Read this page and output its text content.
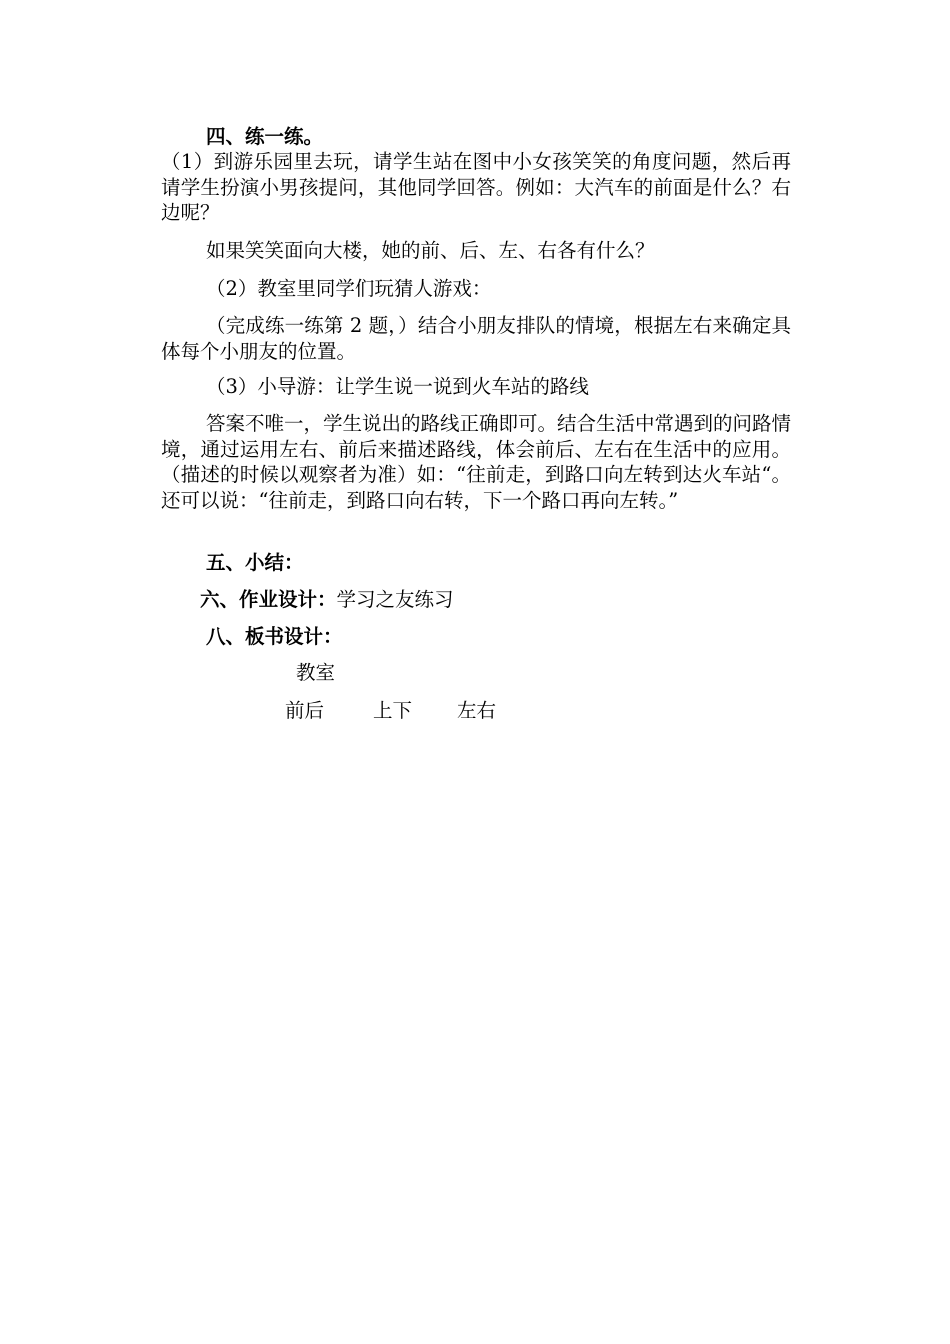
四、练一练。
（1）到游乐园里去玩，请学生站在图中小女孩笑笑的角度问题，然后再请学生扮演小男孩提问，其他同学回答。例如：大汽车的前面是什么？右边呢？
如果笑笑面向大楼，她的前、后、左、右各有什么？
（2）教室里同学们玩猜人游戏：
（完成练一练第 2 题，）结合小朋友排队的情境，根据左右来确定具体每个小朋友的位置。
（3）小导游：让学生说一说到火车站的路线
答案不唯一，学生说出的路线正确即可。结合生活中常遇到的问路情境，通过运用左右、前后来描述路线，体会前后、左右在生活中的应用。（描述的时候以观察者为准）如：“往前走，到路口向左转到达火车站“。还可以说：“往前走，到路口向右转，下一个路口再向左转。”
五、小结：
六、作业设计：学习之友练习
八、板书设计：
教室
前后	上下 左右
